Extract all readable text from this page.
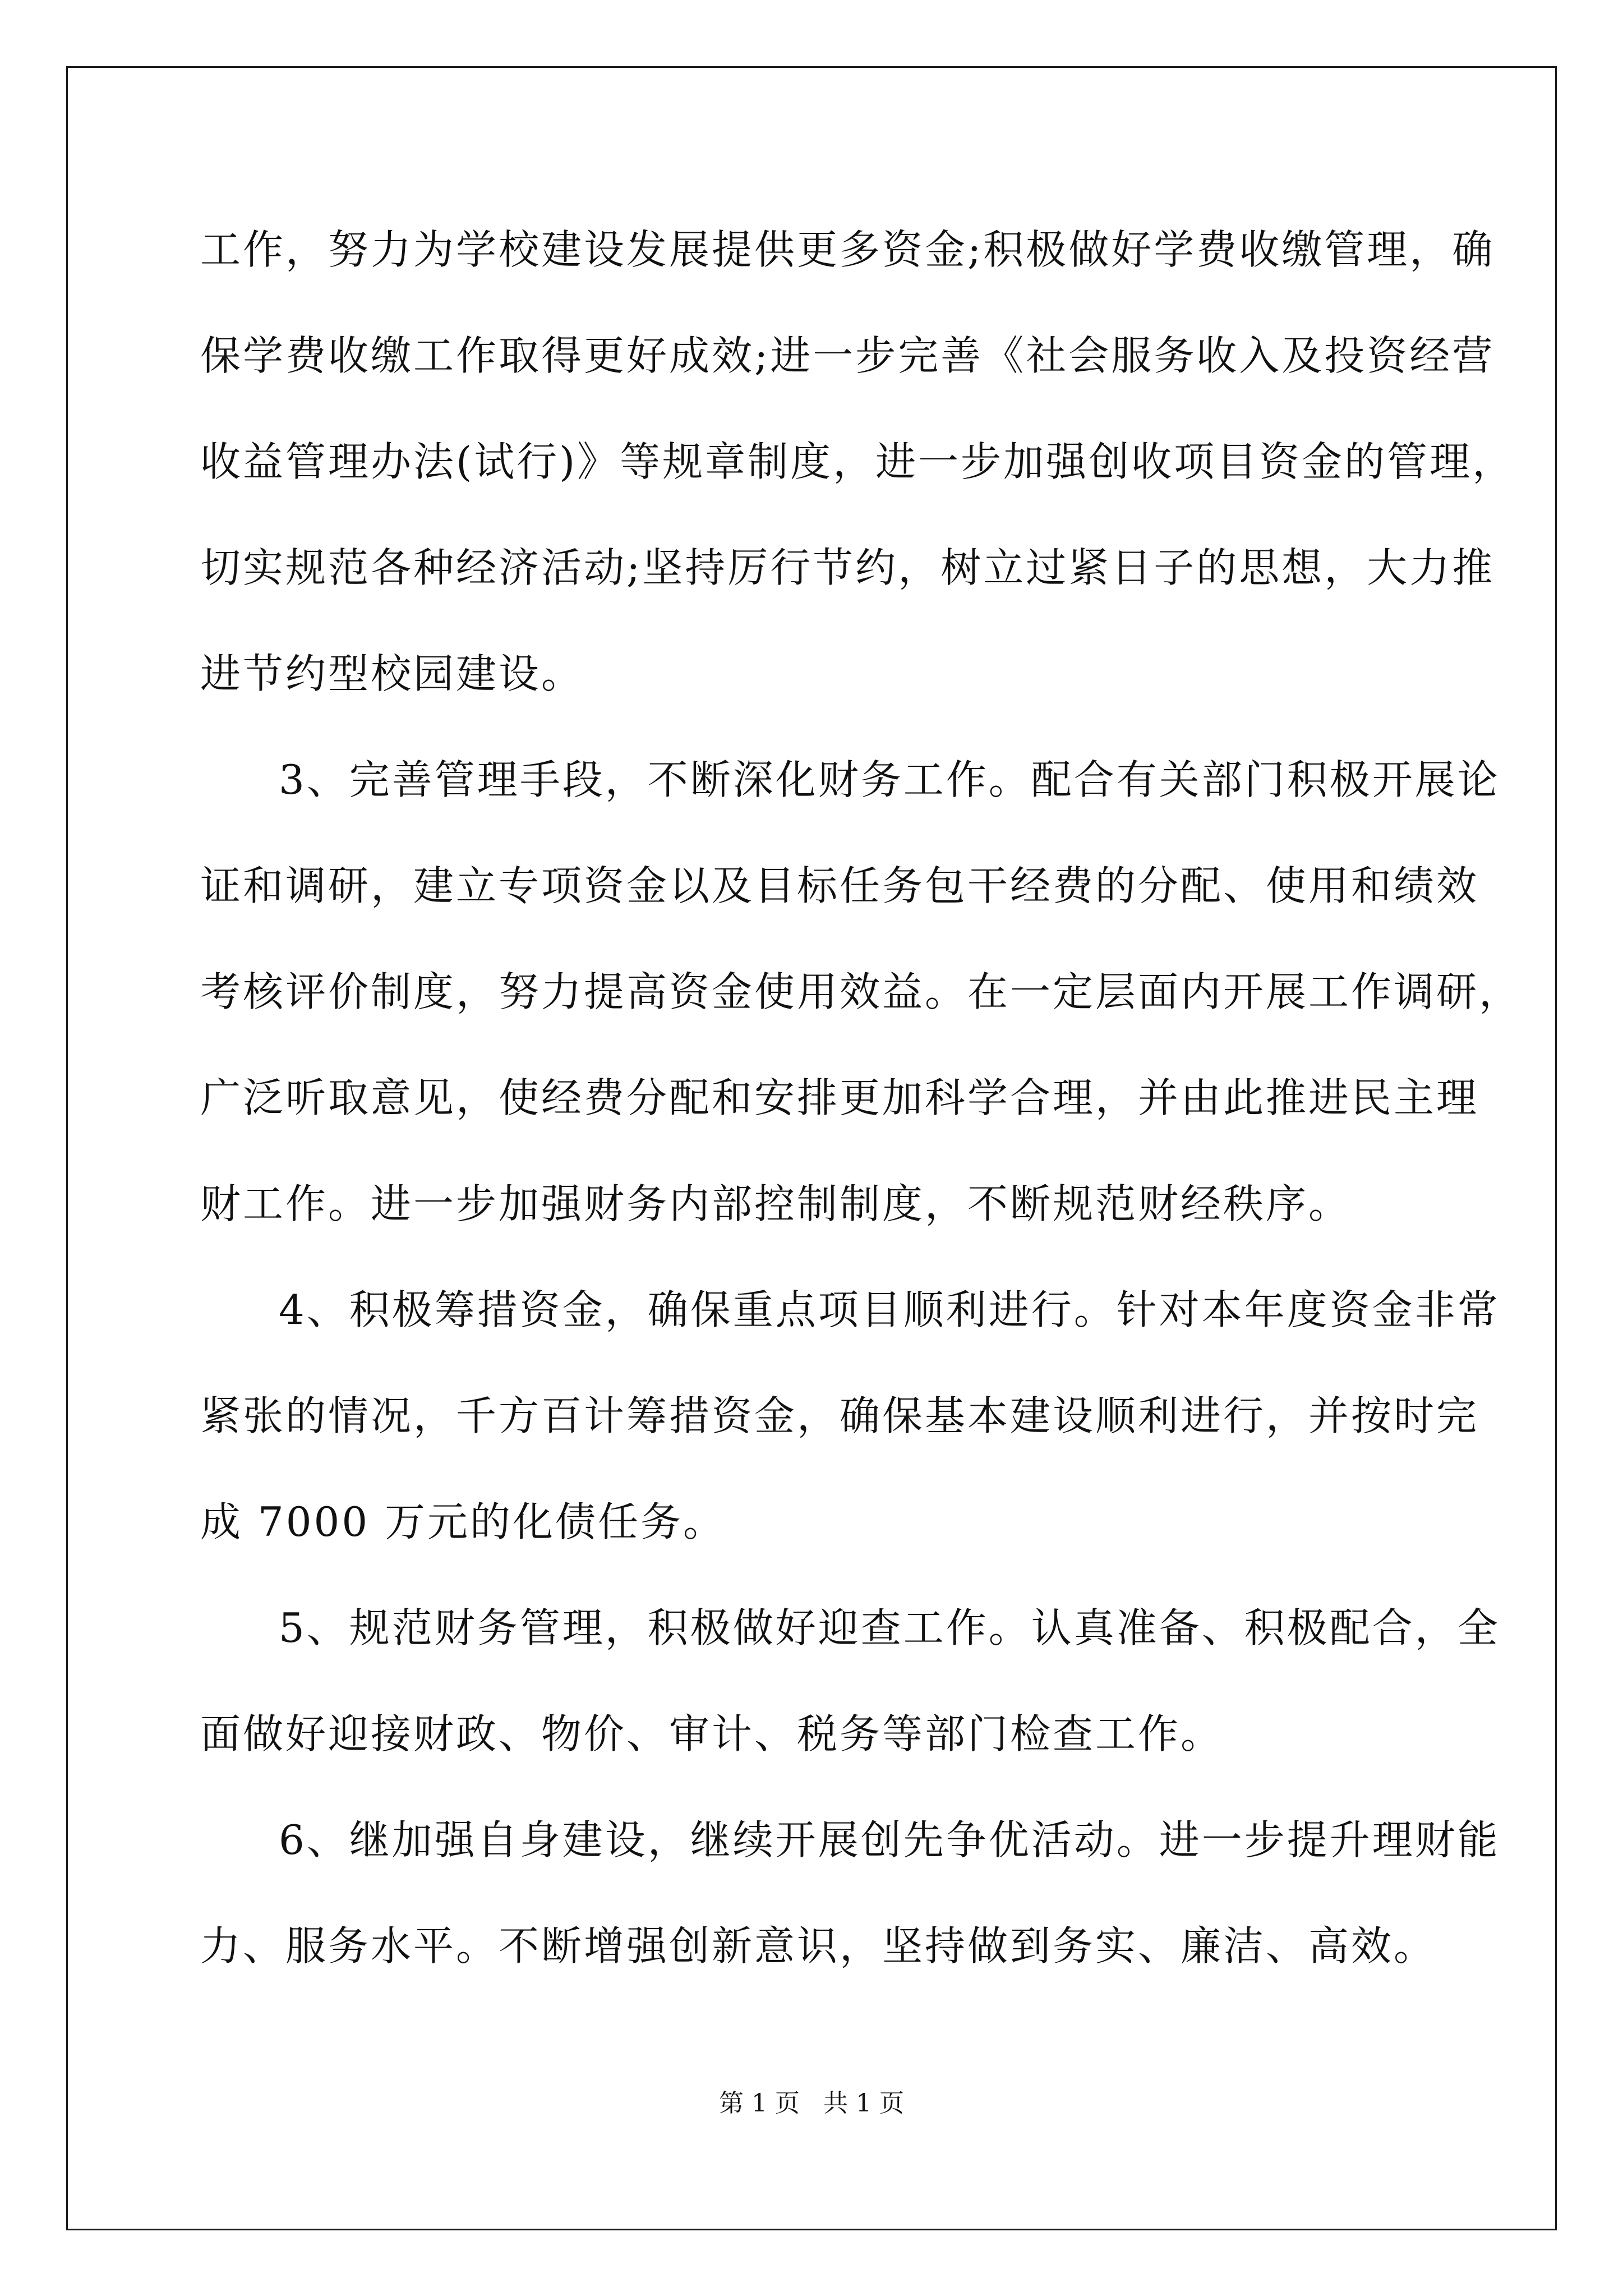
工作，努力为学校建设发展提供更多资金;积极做好学费收缴管理，确
保学费收缴工作取得更好成效;进一步完善《社会服务收入及投资经营
收益管理办法(试行)》等规章制度，进一步加强创收项目资金的管理，
切实规范各种经济活动;坚持厉行节约，树立过紧日子的思想，大力推
进节约型校园建设。
3、完善管理手段，不断深化财务工作。配合有关部门积极开展论
证和调研，建立专项资金以及目标任务包干经费的分配、使用和绩效
考核评价制度，努力提高资金使用效益。在一定层面内开展工作调研，
广泛听取意见，使经费分配和安排更加科学合理，并由此推进民主理
财工作。进一步加强财务内部控制制度，不断规范财经秩序。
4、积极筹措资金，确保重点项目顺利进行。针对本年度资金非常
紧张的情况，千方百计筹措资金，确保基本建设顺利进行，并按时完
成 7000 万元的化债任务。
5、规范财务管理，积极做好迎查工作。认真准备、积极配合，全
面做好迎接财政、物价、审计、税务等部门检查工作。
6、继加强自身建设，继续开展创先争优活动。进一步提升理财能
力、服务水平。不断增强创新意识，坚持做到务实、廉洁、高效。
第 1 页   共 1 页
